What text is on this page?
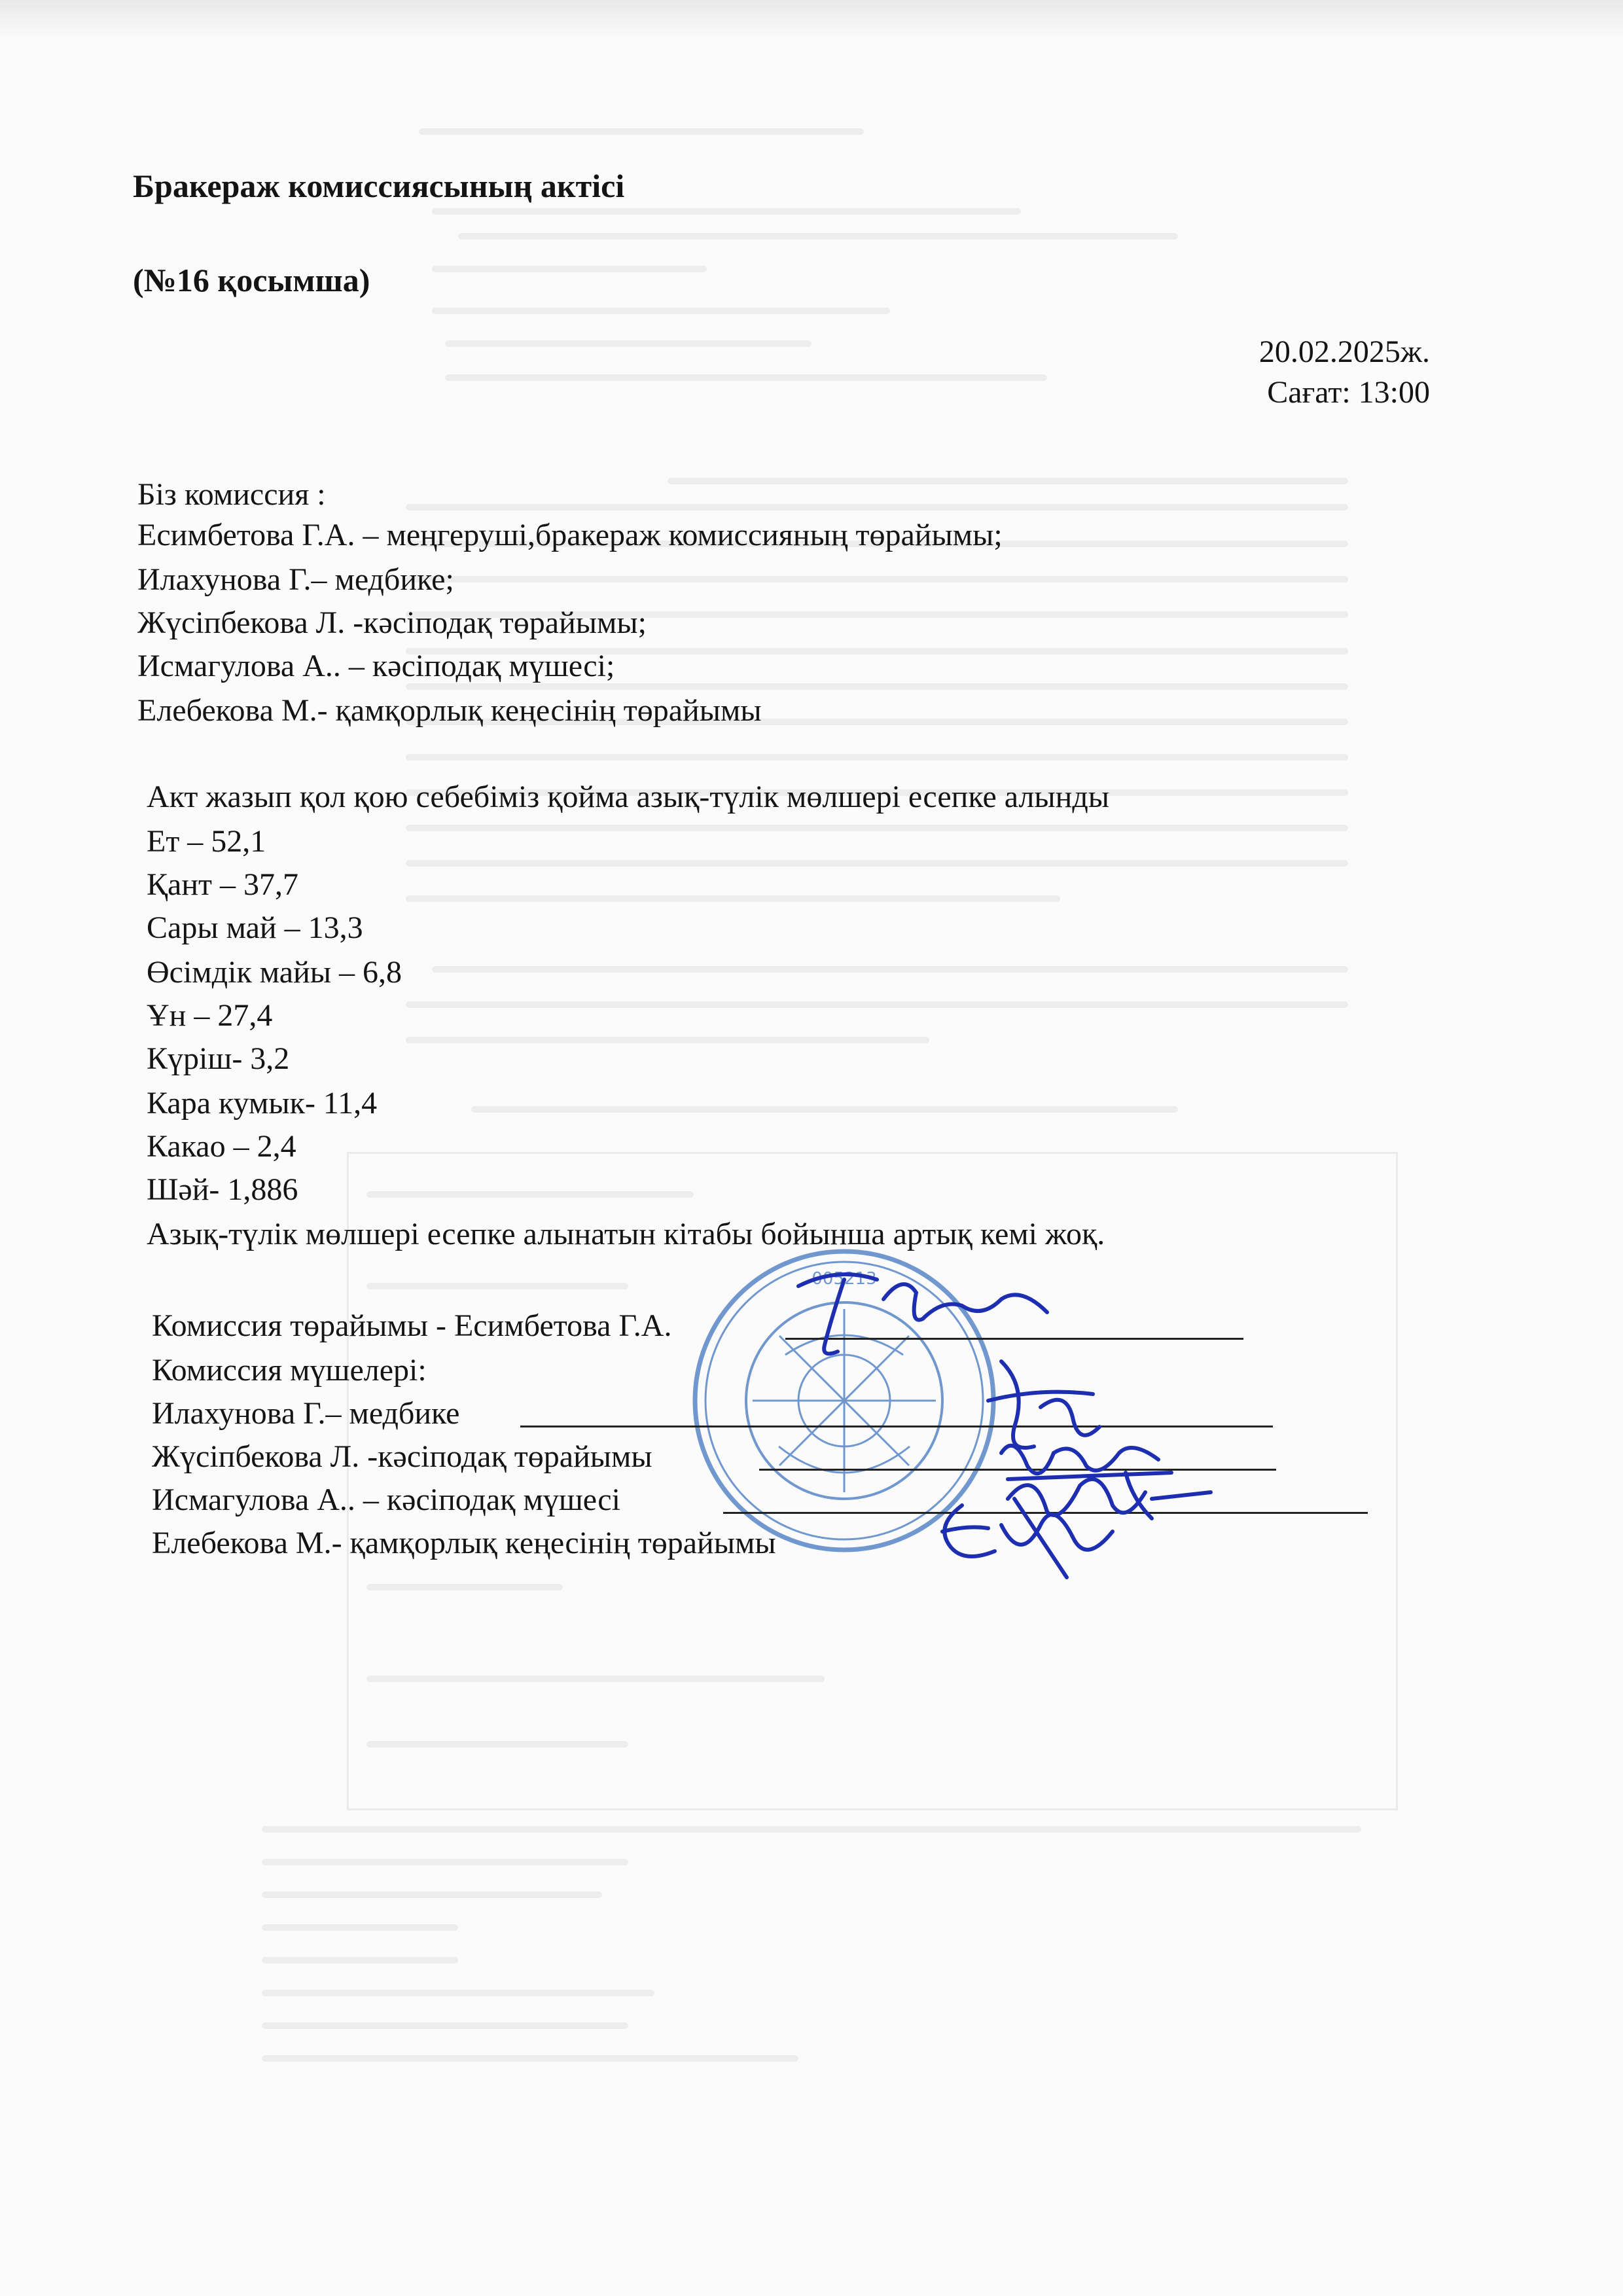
Бракераж комиссиясының актісі
(№16 қосымша)
20.02.2025ж.
Сағат: 13:00
Біз комиссия :
Есимбетова Г.А. – меңгеруші,бракераж комиссияның төрайымы;
Илахунова Г.– медбике;
Жүсіпбекова Л. -кәсіподақ төрайымы;
Исмагулова А.. – кәсіподақ мүшесі;
Елебекова М.- қамқорлық кеңесінің төрайымы
Акт жазып қол қою себебіміз қойма азық-түлік мөлшері есепке алынды
Ет – 52,1
Қант – 37,7
Сары май – 13,3
Өсімдік майы – 6,8
Ұн – 27,4
Күріш- 3,2
Кара кумык- 11,4
Какао – 2,4
Шәй- 1,886
Азық-түлік мөлшері есепке алынатын кітабы бойынша артық кемі жоқ.
005213
Комиссия төрайымы - Есимбетова Г.А.
Комиссия мүшелері:
Илахунова Г.– медбике
Жүсіпбекова Л. -кәсіподақ төрайымы
Исмагулова А.. – кәсіподақ мүшесі
Елебекова М.- қамқорлық кеңесінің төрайымы
